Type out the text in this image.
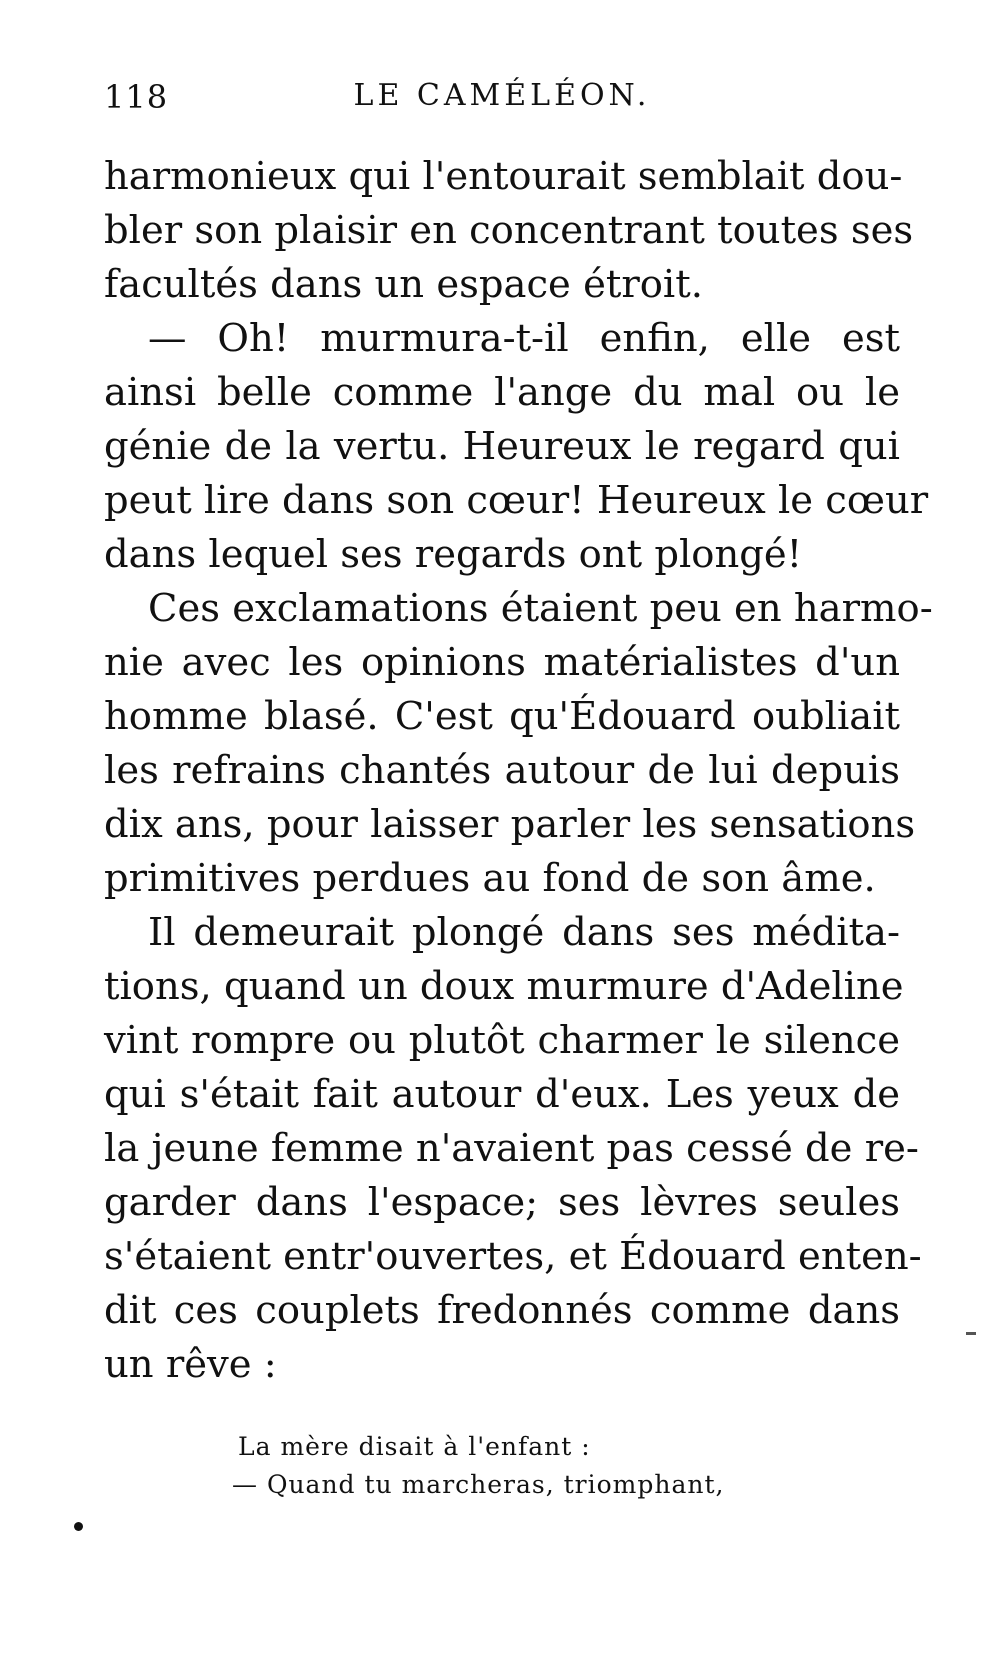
118	LE CAMÉLÉON.
harmonieux qui l'entourait semblait dou-
bler son plaisir en concentrant toutes ses
facultés dans un espace étroit.
— Oh! murmura-t-il enfin, elle est
ainsi belle comme l'ange du mal ou le
génie de la vertu. Heureux le regard qui
peut lire dans son cœur! Heureux le cœur
dans lequel ses regards ont plongé!
Ces exclamations étaient peu en harmo-
nie avec les opinions matérialistes d'un
homme blasé. C'est qu'Édouard oubliait
les refrains chantés autour de lui depuis
dix ans, pour laisser parler les sensations
primitives perdues au fond de son âme.
Il demeurait plongé dans ses médita-
tions, quand un doux murmure d'Adeline
vint rompre ou plutôt charmer le silence
qui s'était fait autour d'eux. Les yeux de
la jeune femme n'avaient pas cessé de re-
garder dans l'espace; ses lèvres seules
s'étaient entr'ouvertes, et Édouard enten-
dit ces couplets fredonnés comme dans
un rêve :
La mère disait à l'enfant :
— Quand tu marcheras, triomphant,
